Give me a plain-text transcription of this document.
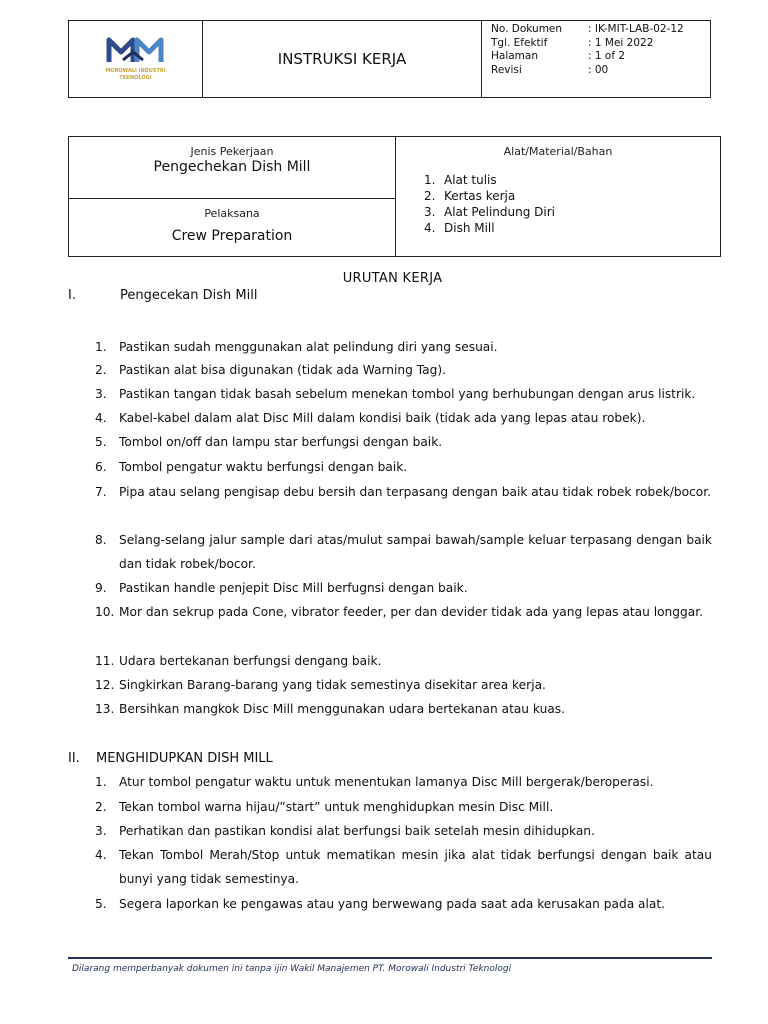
MOROWALI INDUSTRI
TEKNOLOGI
	INSTRUKSI KERJA	
No. Dokumen	: IK-MIT-LAB-02-12
Tgl. Efektif	: 1 Mei 2022
Halaman	: 1 of 2
Revisi	: 00
Jenis Pekerjaan
Pengechekan Dish Mill

Alat/Material/Bahan
1. Alat tulis
2. Kertas kerja
3. Alat Pelindung Diri
4. Dish Mill

Pelaksana
Crew Preparation
URUTAN KERJA
I.	Pengecekan Dish Mill
1.	Pastikan sudah menggunakan alat pelindung diri yang sesuai.
2.	Pastikan alat bisa digunakan (tidak ada Warning Tag).
3.	Pastikan tangan tidak basah sebelum menekan tombol yang berhubungan dengan arus listrik.
4.	Kabel-kabel dalam alat Disc Mill dalam kondisi baik (tidak ada yang lepas atau robek).
5.	Tombol on/off dan lampu star berfungsi dengan baik.
6.	Tombol pengatur waktu berfungsi dengan baik.
7.	Pipa atau selang pengisap debu bersih dan terpasang dengan baik atau tidak robek robek/bocor.
8.	Selang-selang jalur sample dari atas/mulut sampai bawah/sample keluar terpasang dengan baik dan tidak robek/bocor.
9.	Pastikan handle penjepit Disc Mill berfugnsi dengan baik.
10. Mor dan sekrup pada Cone, vibrator feeder, per dan devider tidak ada yang lepas atau longgar.
11. Udara bertekanan berfungsi dengang baik.
12. Singkirkan Barang-barang yang tidak semestinya disekitar area kerja.
13. Bersihkan mangkok Disc Mill menggunakan udara bertekanan atau kuas.
II. MENGHIDUPKAN DISH MILL
1.	Atur tombol pengatur waktu untuk menentukan lamanya Disc Mill bergerak/beroperasi.
2.	Tekan tombol warna hijau/”start” untuk menghidupkan mesin Disc Mill.
3.	Perhatikan dan pastikan kondisi alat berfungsi baik setelah mesin dihidupkan.
4.	Tekan Tombol Merah/Stop untuk mematikan mesin jika alat tidak berfungsi dengan baik atau bunyi yang tidak semestinya.
5.	Segera laporkan ke pengawas atau yang berwewang pada saat ada kerusakan pada alat.
Dilarang memperbanyak dokumen ini tanpa ijin Wakil Manajemen PT. Morowali Industri Teknologi
